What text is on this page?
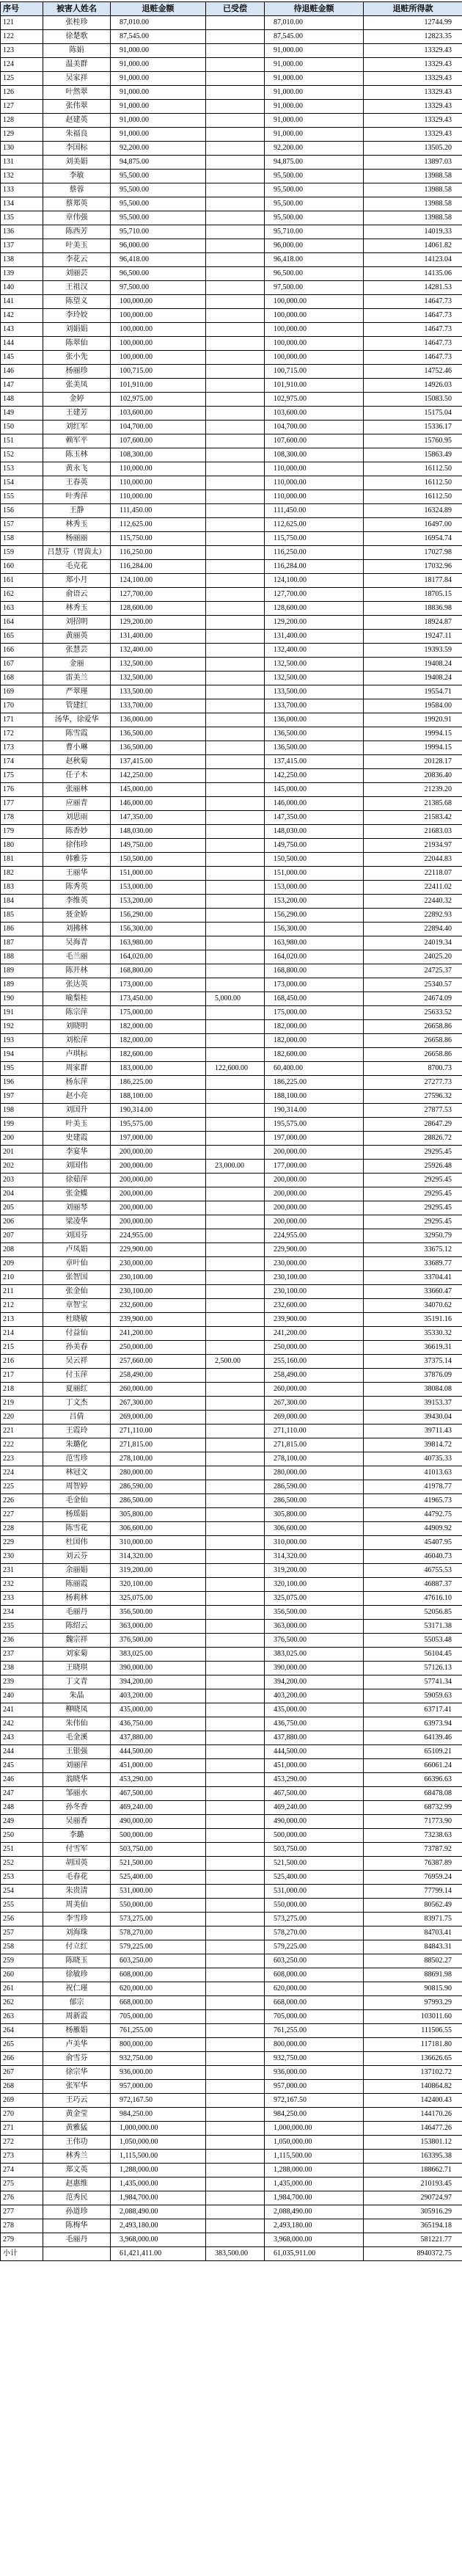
序号	被害人姓名	退赃金额	已受偿	待退赃金额	退赃所得款
121	张桂珍	87,010.00		87,010.00	12744.99
122	徐楚歌	87,545.00		87,545.00	12823.35
123	陈娟	91,000.00		91,000.00	13329.43
124	温美群	91,000.00		91,000.00	13329.43
125	吴家祥	91,000.00		91,000.00	13329.43
126	叶然翠	91,000.00		91,000.00	13329.43
127	张伟翠	91,000.00		91,000.00	13329.43
128	赵建英	91,000.00		91,000.00	13329.43
129	朱福良	91,000.00		91,000.00	13329.43
130	李国标	92,200.00		92,200.00	13505.20
131	刘美娟	94,875.00		94,875.00	13897.03
132	李敏	95,500.00		95,500.00	13988.58
133	蔡蓉	95,500.00		95,500.00	13988.58
134	蔡郑英	95,500.00		95,500.00	13988.58
135	章伟强	95,500.00		95,500.00	13988.58
136	陈西芳	95,710.00		95,710.00	14019.33
137	叶美玉	96,000.00		96,000.00	14061.82
138	李花云	96,418.00		96,418.00	14123.04
139	刘丽芸	96,500.00		96,500.00	14135.06
140	王祖汉	97,500.00		97,500.00	14281.53
141	陈望义	100,000.00		100,000.00	14647.73
142	李玲姣	100,000.00		100,000.00	14647.73
143	刘娟娟	100,000.00		100,000.00	14647.73
144	陈翠仙	100,000.00		100,000.00	14647.73
145	张小先	100,000.00		100,000.00	14647.73
146	杨丽珍	100,715.00		100,715.00	14752.46
147	张美凤	101,910.00		101,910.00	14926.03
148	金婷	102,975.00		102,975.00	15083.50
149	王建芳	103,600.00		103,600.00	15175.04
150	刘红军	104,700.00		104,700.00	15336.17
151	赖军平	107,600.00		107,600.00	15760.95
152	陈玉林	108,300.00		108,300.00	15863.49
153	黄永飞	110,000.00		110,000.00	16112.50
154	王春英	110,000.00		110,000.00	16112.50
155	叶秀萍	110,000.00		110,000.00	16112.50
156	王静	111,450.00		111,450.00	16324.89
157	林秀玉	112,625.00		112,625.00	16497.00
158	杨丽丽	115,750.00		115,750.00	16954.74
159	吕慧芬（胃茵太）	116,250.00		116,250.00	17027.98
160	毛克花	116,284.00		116,284.00	17032.96
161	郑小月	124,100.00		124,100.00	18177.84
162	俞语云	127,700.00		127,700.00	18705.15
163	林秀玉	128,600.00		128,600.00	18836.98
164	刘招明	129,200.00		129,200.00	18924.87
165	黄丽英	131,400.00		131,400.00	19247.11
166	张慧芸	132,400.00		132,400.00	19393.59
167	金丽	132,500.00		132,500.00	19408.24
168	雷美兰	132,500.00		132,500.00	19408.24
169	严翠瑾	133,500.00		133,500.00	19554.71
170	管建红	133,700.00		133,700.00	19584.00
171	汤华，徐爱华	136,000.00		136,000.00	19920.91
172	陈雪霞	136,500.00		136,500.00	19994.15
173	曹小琳	136,500.00		136,500.00	19994.15
174	赵秋菊	137,415.00		137,415.00	20128.17
175	任子木	142,250.00		142,250.00	20836.40
176	张丽林	145,000.00		145,000.00	21239.20
177	应丽青	146,000.00		146,000.00	21385.68
178	刘思雨	147,350.00		147,350.00	21583.42
179	陈香妙	148,030.00		148,030.00	21683.03
180	徐伟珍	149,750.00		149,750.00	21934.97
181	韩雅芬	150,500.00		150,500.00	22044.83
182	王丽华	151,000.00		151,000.00	22118.07
183	陈秀英	153,000.00		153,000.00	22411.02
184	李维英	153,200.00		153,200.00	22440.32
185	聂金娇	156,290.00		156,290.00	22892.93
186	刘拂林	156,300.00		156,300.00	22894.40
187	吴海青	163,980.00		163,980.00	24019.34
188	毛兰丽	164,020.00		164,020.00	24025.20
189	陈开林	168,800.00		168,800.00	24725.37
189	张达英	173,000.00		173,000.00	25340.57
190	喻梨桂	173,450.00	5,000.00	168,450.00	24674.09
191	陈宗萍	175,000.00		175,000.00	25633.52
192	刘晓明	182,000.00		182,000.00	26658.86
193	刘松萍	182,000.00		182,000.00	26658.86
194	卢琪标	182,600.00		182,600.00	26658.86
195	周家群	183,000.00	122,600.00	60,400.00	8700.73
196	杨东萍	186,225.00		186,225.00	27277.73
197	赵小亮	188,100.00		188,100.00	27596.32
198	刘国升	190,314.00		190,314.00	27877.53
199	叶美玉	195,575.00		195,575.00	28647.29
200	史建霞	197,000.00		197,000.00	28826.72
201	李宴华	200,000.00		200,000.00	29295.45
202	刘国伟	200,000.00	23,000.00	177,000.00	25926.48
203	徐茹萍	200,000.00		200,000.00	29295.45
204	张金蝶	200,000.00		200,000.00	29295.45
205	刘丽琴	200,000.00		200,000.00	29295.45
206	梁凌华	200,000.00		200,000.00	29295.45
207	刘国芬	224,955.00		224,955.00	32950.79
208	卢凤娟	229,900.00		229,900.00	33675.12
209	章叶仙	230,000.00		230,000.00	33689.77
210	张智国	230,100.00		230,100.00	33704.41
211	张金仙	230,100.00		230,100.00	33660.47
212	章智宝	232,600.00		232,600.00	34070.62
213	杜晓敏	239,900.00		239,900.00	35191.16
214	付益仙	241,200.00		241,200.00	35330.32
215	孙美春	250,000.00		250,000.00	36619.31
216	吴云祥	257,660.00	2,500.00	255,160.00	37375.14
217	付玉萍	258,490.00		258,490.00	37876.09
218	夏丽红	260,000.00		260,000.00	38084.08
219	丁文杰	267,300.00		267,300.00	39153.37
220	吕倩	269,000.00		269,000.00	39430.04
221	王霞玲	271,110.00		271,110.00	39711.43
222	朱璐化	271,815.00		271,815.00	39814.72
223	范雪珍	278,100.00		278,100.00	40735.33
224	林冠文	280,000.00		280,000.00	41013.63
225	周智婷	286,590.00		286,590.00	41978.77
226	毛金仙	286,500.00		286,500.00	41965.73
227	杨瑶娟	305,800.00		305,800.00	44792.75
228	陈雪花	306,600.00		306,600.00	44909.92
229	杜国伟	310,000.00		310,000.00	45407.95
230	刘云芬	314,320.00		314,320.00	46040.73
231	余丽娟	319,200.00		319,200.00	46755.53
232	陈丽霞	320,100.00		320,100.00	46887.37
233	杨莉林	325,075.00		325,075.00	47616.10
234	毛丽丹	356,500.00		356,500.00	52056.85
235	陈绍云	363,000.00		363,000.00	53171.38
236	魏宗祥	376,500.00		376,500.00	55053.48
237	刘家菊	383,025.00		383,025.00	56104.45
238	王晓琪	390,000.00		390,000.00	57126.13
239	丁文青	394,200.00		394,200.00	57741.34
240	朱晶	403,200.00		403,200.00	59059.63
241	柳晓凤	435,000.00		435,000.00	63717.41
242	朱伟仙	436,750.00		436,750.00	63973.94
243	毛金溪	437,880.00		437,880.00	64139.46
244	王银强	444,500.00		444,500.00	65109.21
245	刘丽萍	451,000.00		451,000.00	66061.24
246	翁晓华	453,290.00		453,290.00	66396.63
247	邹丽水	467,500.00		467,500.00	68478.08
248	孙冬香	469,240.00		469,240.00	68732.99
249	吴丽香	490,000.00		490,000.00	71773.90
250	李璐	500,000.00		500,000.00	73238.63
251	付雪军	503,750.00		503,750.00	73787.92
252	胡国英	521,500.00		521,500.00	76387.89
253	毛春花	525,400.00		525,400.00	76959.24
254	朱贵清	531,000.00		531,000.00	77799.14
255	周美仙	550,000.00		550,000.00	80562.49
256	李雪珍	573,275.00		573,275.00	83971.75
257	刘海珠	578,270.00		578,270.00	84703.41
258	付立红	579,225.00		579,225.00	84843.31
259	陈晓玉	603,250.00		603,250.00	88502.27
260	徐敏珍	608,000.00		608,000.00	88691.98
261	祝仁瑾	620,000.00		620,000.00	90815.90
262	郁宗	668,000.00		668,000.00	97993.29
263	周新霞	705,000.00		705,000.00	103011.60
264	杨雁娟	761,255.00		761,255.00	111506.55
265	卢美华	800,000.00		800,000.00	117181.80
266	俞雪芬	932,750.00		932,750.00	136626.65
267	徐宗华	936,000.00		936,000.00	137102.72
268	张军华	957,000.00		957,000.00	140864.82
269	王巧云	972,167.50		972,167.50	142400.43
270	黄金莹	984,250.00		984,250.00	144170.26
271	黄雅猛	1,000,000.00		1,000,000.00	146477.26
272	王伟功	1,050,000.00		1,050,000.00	153801.12
273	林秀兰	1,115,500.00		1,115,500.00	163395.38
274	郑文英	1,288,000.00		1,288,000.00	188662.71
275	赵惠维	1,435,000.00		1,435,000.00	210193.45
276	范秀民	1,984,700.00		1,984,700.00	290724.97
277	孙道珍	2,088,490.00		2,088,490.00	305916.29
278	陈梅华	2,493,180.00		2,493,180.00	365194.18
279	毛丽丹	3,968,000.00		3,968,000.00	581221.77
小计		61,421,411.00	383,500.00	61,035,911.00	8940372.75
